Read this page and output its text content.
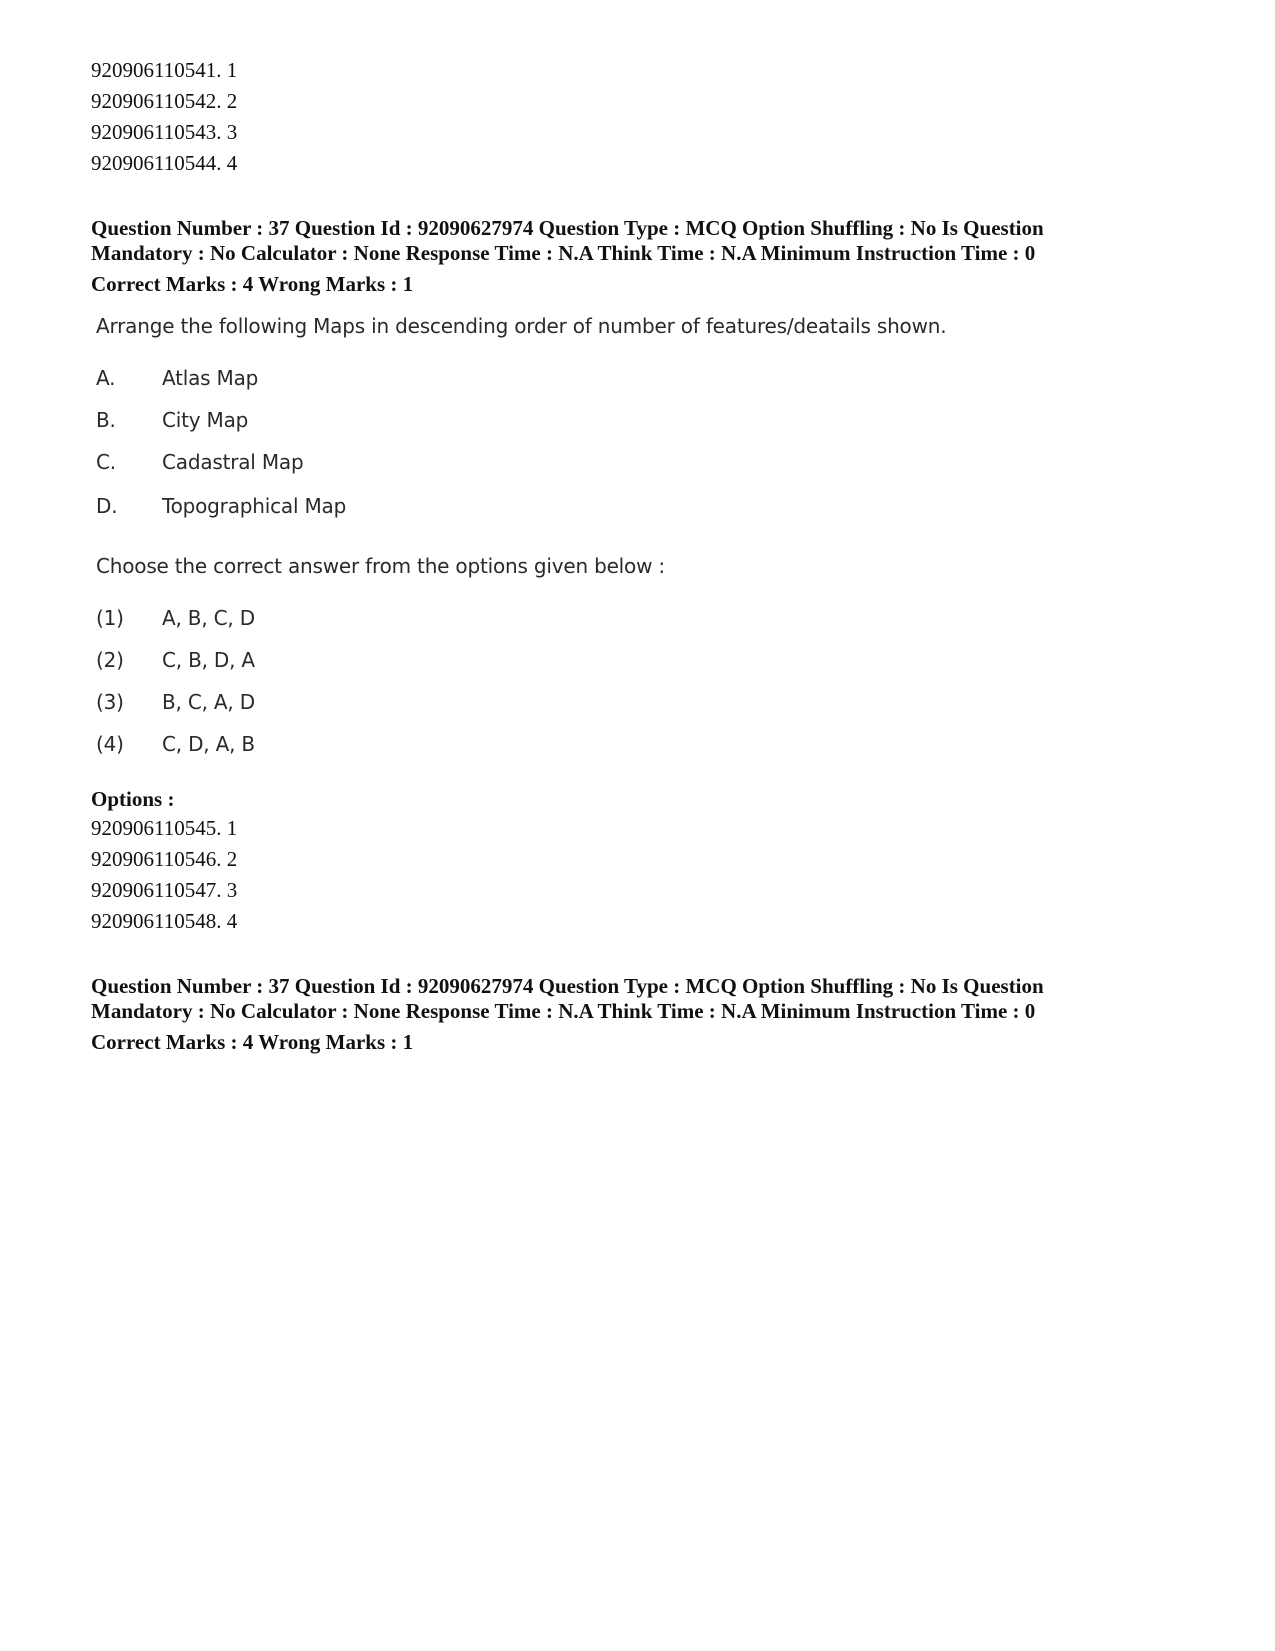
920906110541. 1
920906110542. 2
920906110543. 3
920906110544. 4
Question Number : 37 Question Id : 92090627974 Question Type : MCQ Option Shuffling : No Is Question
Mandatory : No Calculator : None Response Time : N.A Think Time : N.A Minimum Instruction Time : 0
Correct Marks : 4 Wrong Marks : 1
Arrange the following Maps in descending order of number of features/deatails shown.
A. Atlas Map
B. City Map
C. Cadastral Map
D. Topographical Map
Choose the correct answer from the options given below :
(1) A, B, C, D
(2) C, B, D, A
(3) B, C, A, D
(4) C, D, A, B
Options :
920906110545. 1
920906110546. 2
920906110547. 3
920906110548. 4
Question Number : 37 Question Id : 92090627974 Question Type : MCQ Option Shuffling : No Is Question
Mandatory : No Calculator : None Response Time : N.A Think Time : N.A Minimum Instruction Time : 0
Correct Marks : 4 Wrong Marks : 1
